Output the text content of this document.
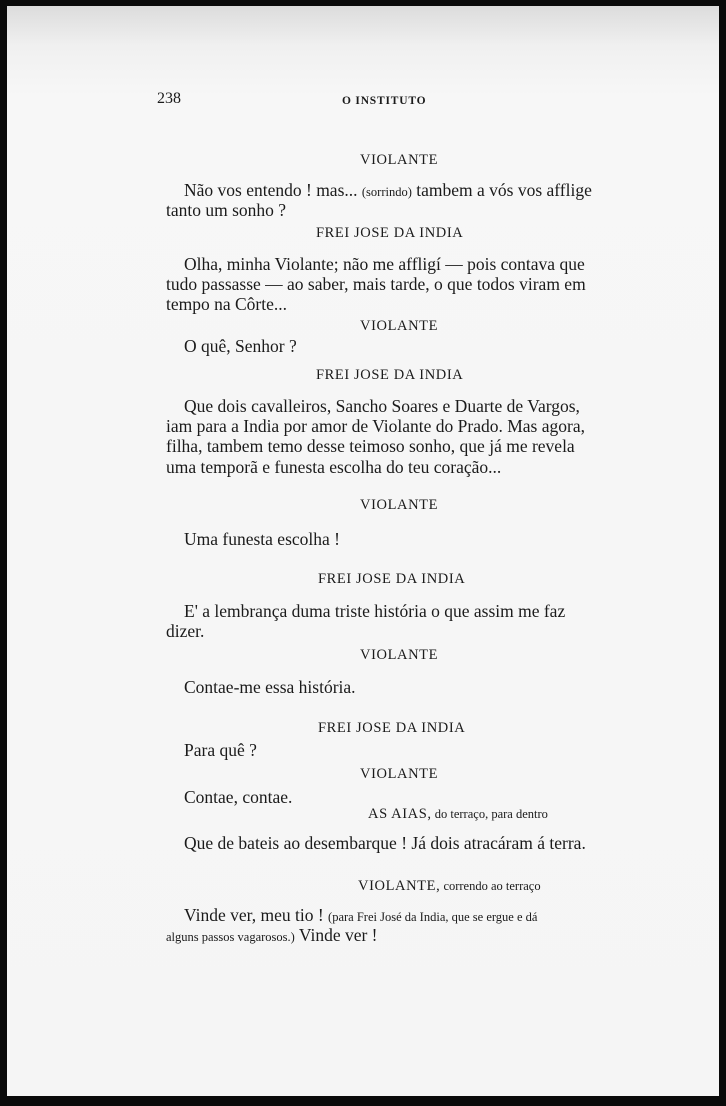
238	O INSTITUTO
VIOLANTE
Não vos entendo ! mas... (sorrindo) tambem a vós vos afflige
tanto um sonho ?
FREI JOSE DA INDIA
Olha, minha Violante; não me affligí — pois contava que
tudo passasse — ao saber, mais tarde, o que todos viram em
tempo na Côrte...
VIOLANTE
O quê, Senhor ?
FREI JOSE DA INDIA
Que dois cavalleiros, Sancho Soares e Duarte de Vargos,
iam para a India por amor de Violante do Prado. Mas agora,
filha, tambem temo desse teimoso sonho, que já me revela
uma temporã e funesta escolha do teu coração...
VIOLANTE
Uma funesta escolha !
FREI JOSE DA INDIA
E' a lembrança duma triste história o que assim me faz
dizer.
VIOLANTE
Contae-me essa história.
FREI JOSE DA INDIA
Para quê ?
VIOLANTE
Contae, contae.
AS AIAS, do terraço, para dentro
Que de bateis ao desembarque ! Já dois atracáram á terra.
VIOLANTE, correndo ao terraço
Vinde ver, meu tio ! (para Frei José da India, que se ergue e dá
alguns passos vagarosos.) Vinde ver !
